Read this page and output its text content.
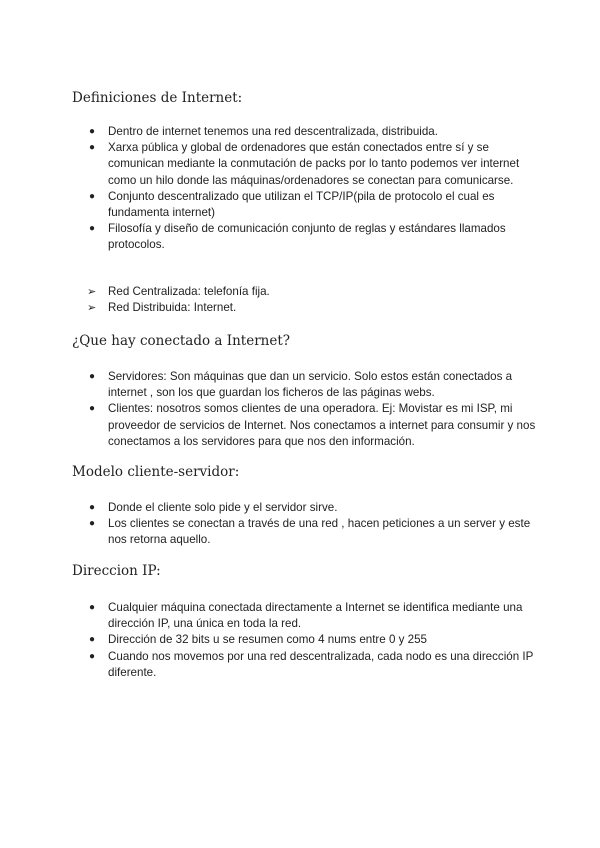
Definiciones de Internet:
● Dentro de internet tenemos una red descentralizada, distribuida.
● Xarxa pública y global de ordenadores que están conectados entre sí y se comunican mediante la conmutación de packs por lo tanto podemos ver internet como un hilo donde las máquinas/ordenadores se conectan para comunicarse.
● Conjunto descentralizado que utilizan el TCP/IP(pila de protocolo el cual es fundamenta internet)
● Filosofía y diseño de comunicación conjunto de reglas y estándares llamados protocolos.
➢ Red Centralizada: telefonía fija.
➢ Red Distribuida: Internet.
¿Que hay conectado a Internet?
● Servidores: Son máquinas que dan un servicio. Solo estos están conectados a internet , son los que guardan los ficheros de las páginas webs.
● Clientes: nosotros somos clientes de una operadora. Ej: Movistar es mi ISP, mi proveedor de servicios de Internet. Nos conectamos a internet para consumir y nos conectamos a los servidores para que nos den información.
Modelo cliente-servidor:
● Donde el cliente solo pide y el servidor sirve.
● Los clientes se conectan a través de una red , hacen peticiones a un server y este nos retorna aquello.
Direccion IP:
● Cualquier máquina conectada directamente a Internet se identifica mediante una dirección IP, una única en toda la red.
● Dirección de 32 bits u se resumen como 4 nums entre 0 y 255
● Cuando nos movemos por una red descentralizada, cada nodo es una dirección IP diferente.
